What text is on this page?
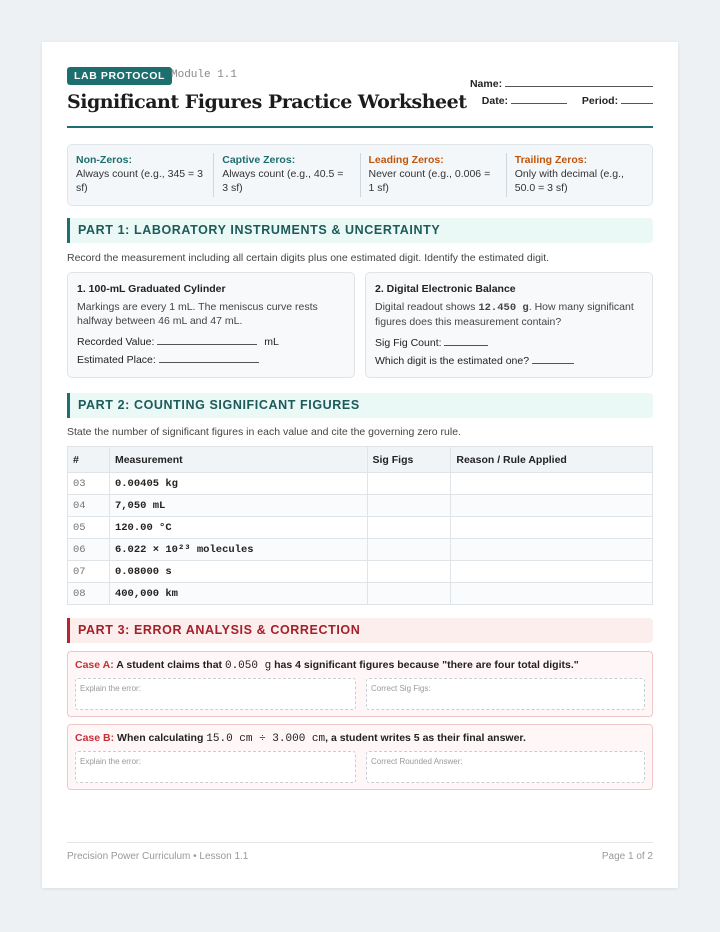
LAB PROTOCOL Module 1.1
Significant Figures Practice Worksheet
Name:
Date:	Period:
Non-Zeros:
Always count (e.g., 345 = 3 sf)
Captive Zeros:
Always count (e.g., 40.5 = 3 sf)
Leading Zeros:
Never count (e.g., 0.006 = 1 sf)
Trailing Zeros:
Only with decimal (e.g., 50.0 = 3 sf)
PART 1: LABORATORY INSTRUMENTS & UNCERTAINTY
Record the measurement including all certain digits plus one estimated digit. Identify the estimated digit.
1. 100-mL Graduated Cylinder
Markings are every 1 mL. The meniscus curve rests halfway between 46 mL and 47 mL.
Recorded Value:	mL
Estimated Place:
2. Digital Electronic Balance
Digital readout shows 12.450 g. How many significant figures does this measurement contain?
Sig Fig Count:
Which digit is the estimated one?
PART 2: COUNTING SIGNIFICANT FIGURES
State the number of significant figures in each value and cite the governing zero rule.
#	Measurement	Sig Figs	Reason / Rule Applied
03	0.00405 kg		
04	7,050 mL		
05	120.00 °C		
06	6.022 × 10²³ molecules		
07	0.08000 s		
08	400,000 km		
PART 3: ERROR ANALYSIS & CORRECTION
Case A: A student claims that 0.050 g has 4 significant figures because "there are four total digits."
Explain the error:	Correct Sig Figs:
Case B: When calculating 15.0 cm ÷ 3.000 cm, a student writes 5 as their final answer.
Explain the error:	Correct Rounded Answer:
Precision Power Curriculum • Lesson 1.1	Page 1 of 2
